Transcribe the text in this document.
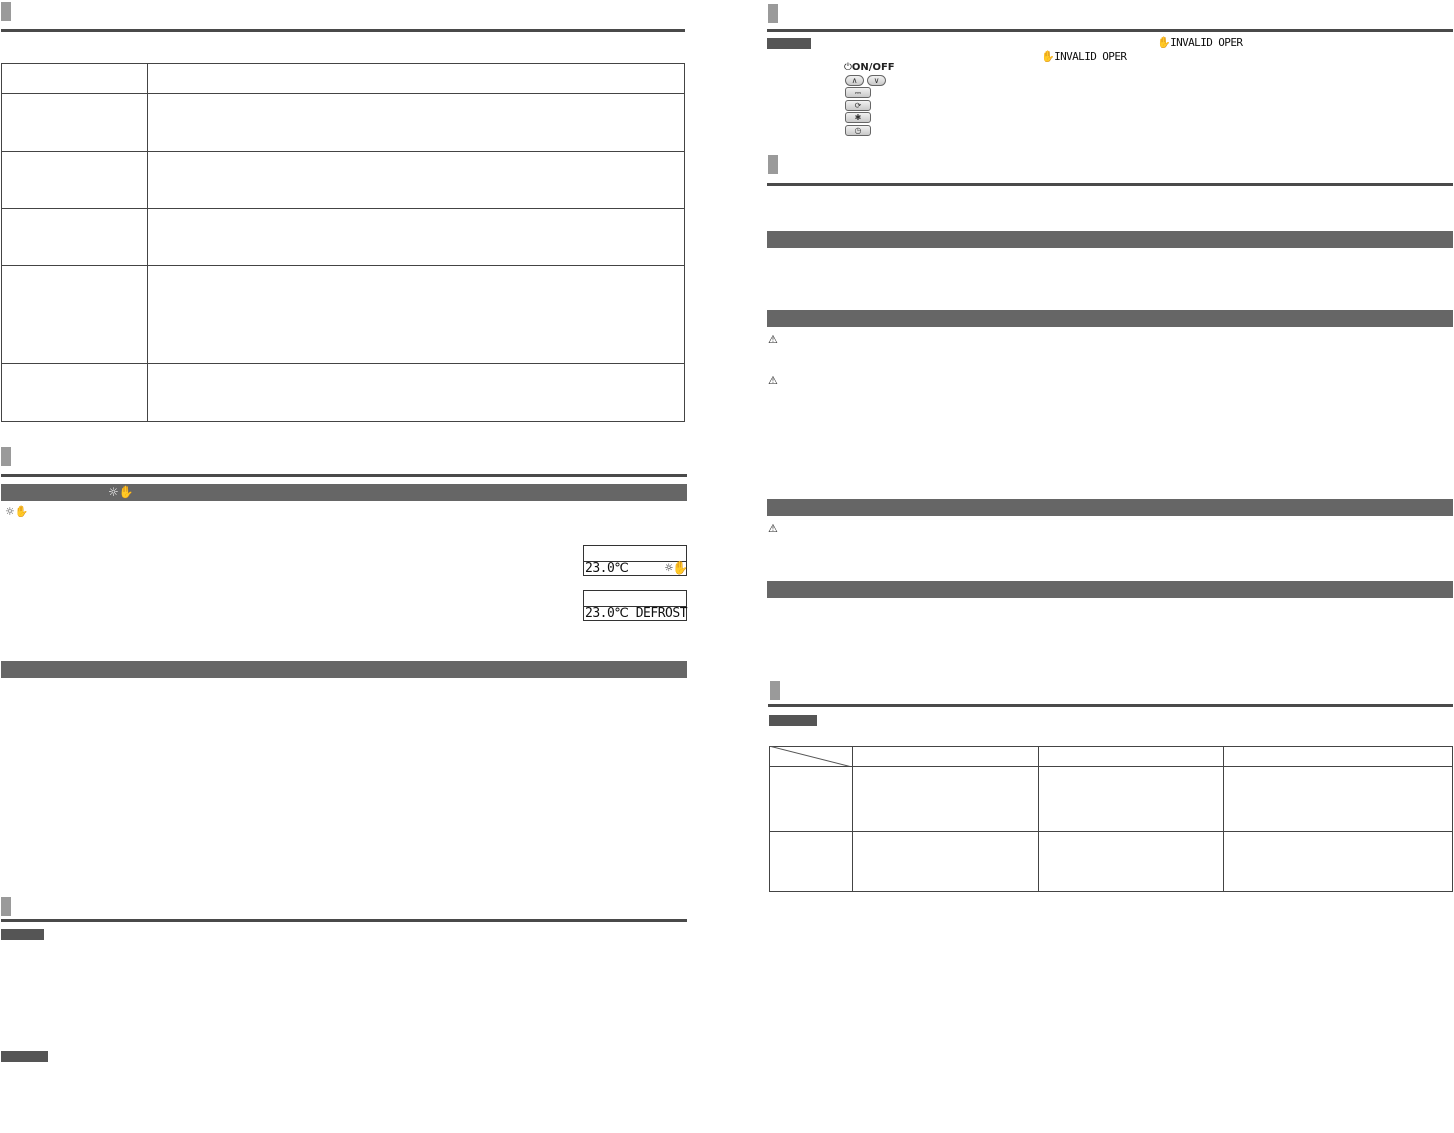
☼✋
☼✋
23.0℃     ☼✋
23.0℃ DEFROST
✋INVALID OPER
✋INVALID OPER
⏻ON/OFF
∧	∨
⎓
⟳
✱
◷
⚠
⚠
⚠
